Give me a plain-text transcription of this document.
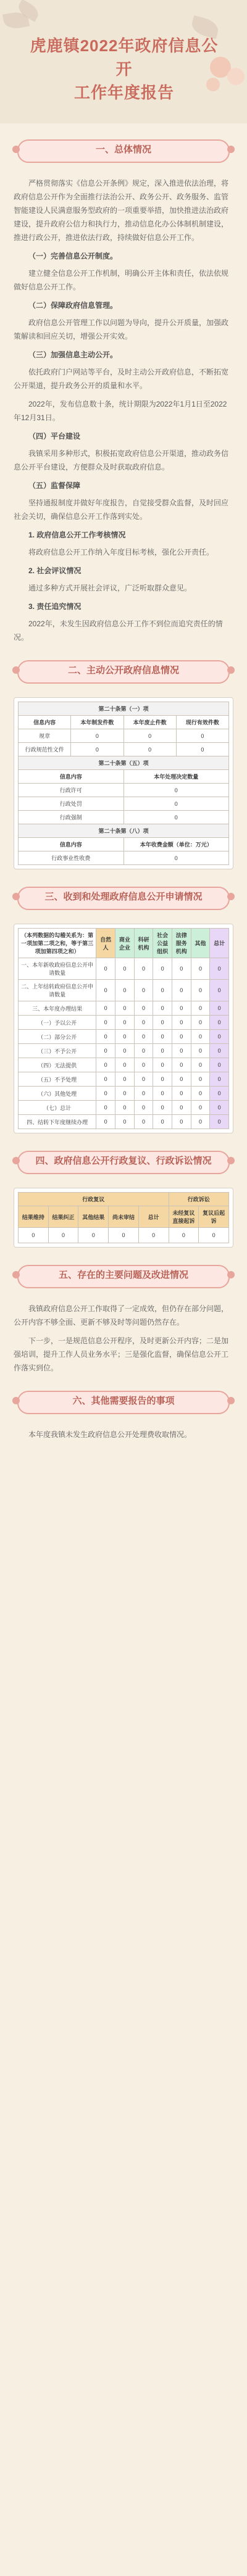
虎鹿镇2022年政府信息公开
工作年度报告
一、总体情况

严格贯彻落实《信息公开条例》规定，深入推进依法治理，将政府信息公开作为全面推行法治公开、政务公开、政务服务、监管智能建设人民满意服务型政府的一项重要举措，加快推进法治政府建设，提升政府公信力和执行力，推动信息化办公体制机制建设，推进行政公开，推进依法行政，持续做好信息公开工作。

（一）完善信息公开制度。

建立健全信息公开工作机制，明确公开主体和责任，依法依规做好信息公开工作。

（二）保障政府信息管理。

政府信息公开管理工作以问题为导向，提升公开质量，加强政策解读和回应关切，增强公开实效。

（三）加强信息主动公开。

依托政府门户网站等平台，及时主动公开政府信息，不断拓宽公开渠道，提升政务公开的质量和水平。

2022年，发布信息数十条，统计期限为2022年1月1日至2022年12月31日。

（四）平台建设

我镇采用多种形式，积极拓宽政府信息公开渠道，推动政务信息公开平台建设，方便群众及时获取政府信息。

（五）监督保障

坚持通报制度并做好年度报告，自觉接受群众监督，及时回应社会关切，确保信息公开工作落到实处。

1. 政府信息公开工作考核情况

将政府信息公开工作纳入年度目标考核，强化公开责任。

2. 社会评议情况

通过多种方式开展社会评议，广泛听取群众意见。

3. 责任追究情况

2022年，未发生因政府信息公开工作不到位而追究责任的情况。

二、主动公开政府信息情况
第二十条第（一）项			
信息内容	本年制发件数	本年废止件数	现行有效件数
规章	0	0	0
行政规范性文件	0	0	0
第二十条第（五）项			
信息内容		本年处理决定数量	
行政许可		0	
行政处罚		0	
行政强制		0	
第二十条第（八）项			
信息内容		本年收费金额（单位：万元）	
行政事业性收费		0	
三、收到和处理政府信息公开申请情况
（本列数据的勾稽关系为：第一项加第二项之和，等于第三项加第四项之和）	自然人	商业企业	科研机构	社会公益组织	法律服务机构	其他	总计
一、本年新收政府信息公开申请数量	0	0	0	0	0	0	0
二、上年结转政府信息公开申请数量	0	0	0	0	0	0	0
三、本年度办理结果	0	0	0	0	0	0	0
（一）予以公开	0	0	0	0	0	0	0
（二）部分公开	0	0	0	0	0	0	0
（三）不予公开	0	0	0	0	0	0	0
（四）无法提供	0	0	0	0	0	0	0
（五）不予处理	0	0	0	0	0	0	0
（六）其他处理	0	0	0	0	0	0	0
（七）总计	0	0	0	0	0	0	0
四、结转下年度继续办理	0	0	0	0	0	0	0
四、政府信息公开行政复议、行政诉讼情况
行政复议					行政诉讼	
结果维持	结果纠正	其他结果	尚未审结	总计	未经复议直接起诉	复议后起诉
0	0	0	0	0	0	0
五、存在的主要问题及改进情况

我镇政府信息公开工作取得了一定成效，但仍存在部分问题，公开内容不够全面、更新不够及时等问题仍然存在。

下一步，一是规范信息公开程序，及时更新公开内容；二是加强培训，提升工作人员业务水平；三是强化监督，确保信息公开工作落实到位。

六、其他需要报告的事项

本年度我镇未发生政府信息公开处理费收取情况。
